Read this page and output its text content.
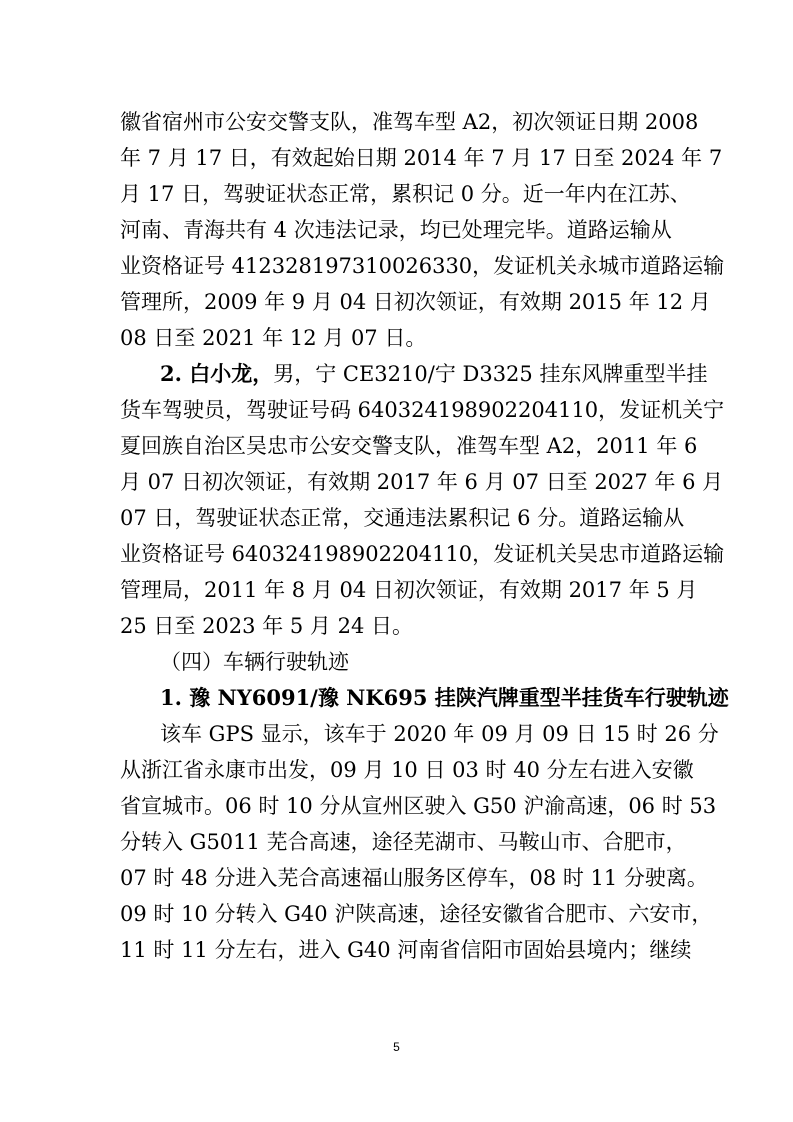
徽省宿州市公安交警支队，准驾车型 A2，初次领证日期 2008
年 7 月 17 日，有效起始日期 2014 年 7 月 17 日至 2024 年 7
月 17 日，驾驶证状态正常，累积记 0 分。近一年内在江苏、
河南、青海共有 4 次违法记录，均已处理完毕。道路运输从
业资格证号 412328197310026330，发证机关永城市道路运输
管理所，2009 年 9 月 04 日初次领证，有效期 2015 年 12 月
08 日至 2021 年 12 月 07 日。
2. 白小龙，男，宁 CE3210/宁 D3325 挂东风牌重型半挂
货车驾驶员，驾驶证号码 640324198902204110，发证机关宁
夏回族自治区吴忠市公安交警支队，准驾车型 A2，2011 年 6
月 07 日初次领证，有效期 2017 年 6 月 07 日至 2027 年 6 月
07 日，驾驶证状态正常，交通违法累积记 6 分。道路运输从
业资格证号 640324198902204110，发证机关吴忠市道路运输
管理局，2011 年 8 月 04 日初次领证，有效期 2017 年 5 月
25 日至 2023 年 5 月 24 日。
（四）车辆行驶轨迹
1. 豫 NY6091/豫 NK695 挂陕汽牌重型半挂货车行驶轨迹
该车 GPS 显示，该车于 2020 年 09 月 09 日 15 时 26 分
从浙江省永康市出发，09 月 10 日 03 时 40 分左右进入安徽
省宣城市。06 时 10 分从宣州区驶入 G50 沪渝高速，06 时 53
分转入 G5011 芜合高速，途径芜湖市、马鞍山市、合肥市，
07 时 48 分进入芜合高速福山服务区停车，08 时 11 分驶离。
09 时 10 分转入 G40 沪陕高速，途径安徽省合肥市、六安市，
11 时 11 分左右，进入 G40 河南省信阳市固始县境内；继续
5
